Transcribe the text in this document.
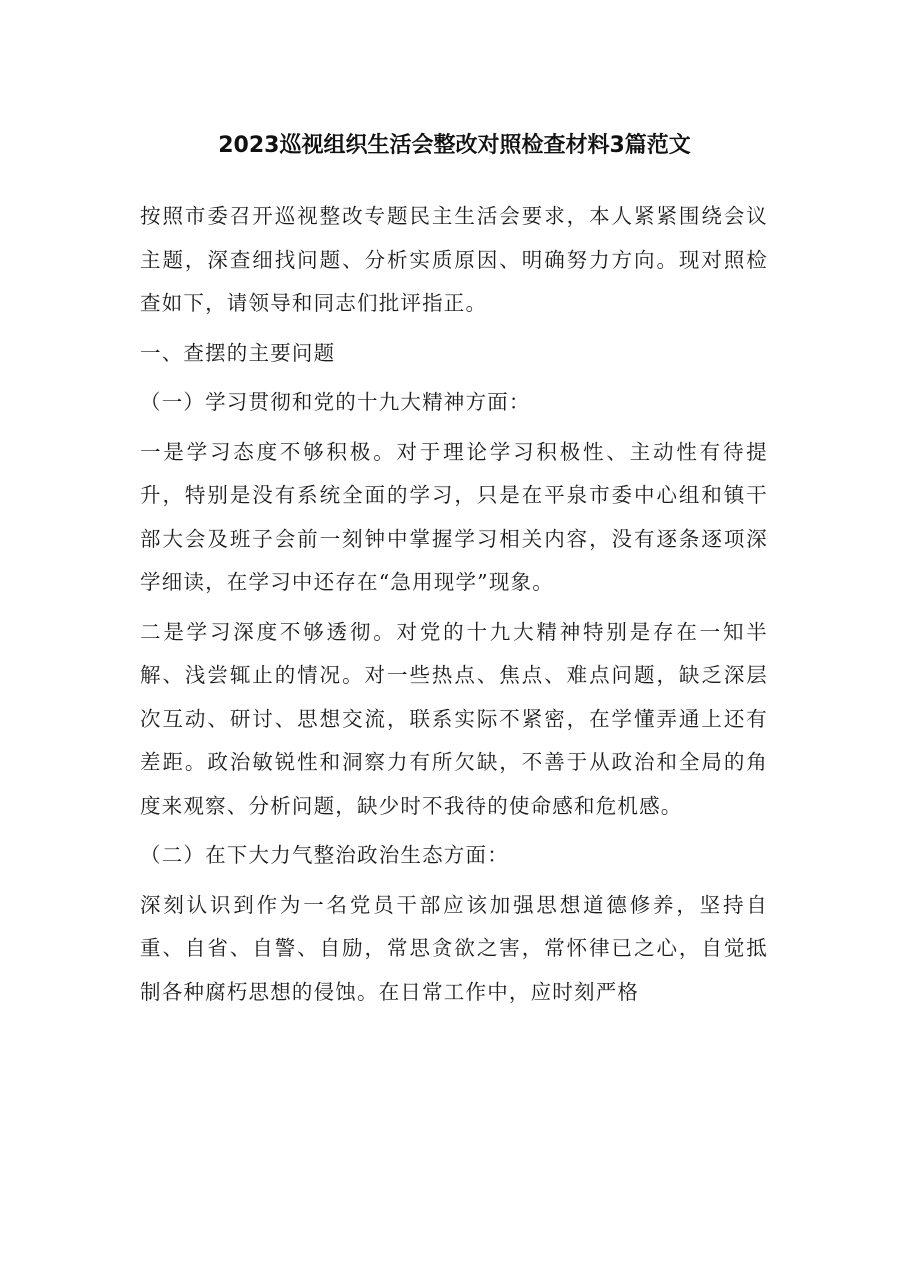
2023巡视组织生活会整改对照检查材料3篇范文

按照市委召开巡视整改专题民主生活会要求，本人紧紧围绕会议主题，深查细找问题、分析实质原因、明确努力方向。现对照检查如下，请领导和同志们批评指正。

一、查摆的主要问题

（一）学习贯彻和党的十九大精神方面：

一是学习态度不够积极。对于理论学习积极性、主动性有待提升，特别是没有系统全面的学习，只是在平泉市委中心组和镇干部大会及班子会前一刻钟中掌握学习相关内容，没有逐条逐项深学细读，在学习中还存在“急用现学”现象。

二是学习深度不够透彻。对党的十九大精神特别是存在一知半解、浅尝辄止的情况。对一些热点、焦点、难点问题，缺乏深层次互动、研讨、思想交流，联系实际不紧密，在学懂弄通上还有差距。政治敏锐性和洞察力有所欠缺，不善于从政治和全局的角度来观察、分析问题，缺少时不我待的使命感和危机感。

（二）在下大力气整治政治生态方面：

深刻认识到作为一名党员干部应该加强思想道德修养，坚持自重、自省、自警、自励，常思贪欲之害，常怀律已之心，自觉抵制各种腐朽思想的侵蚀。在日常工作中，应时刻严格
